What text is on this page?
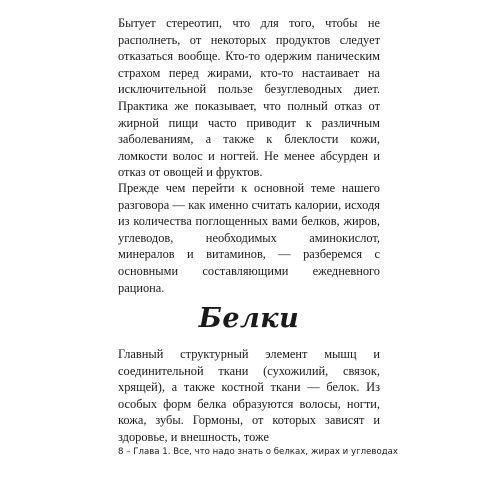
Бытует стереотип, что для того, чтобы не располнеть, от некоторых продуктов следует отказаться вообще. Кто-то одержим паническим страхом перед жирами, кто-то настаивает на исключительной пользе безуглеводных диет. Практика же показывает, что полный отказ от жирной пищи часто приводит к различным заболеваниям, а также к блеклости кожи, ломкости волос и ногтей. Не менее абсурден и отказ от овощей и фруктов.

Прежде чем перейти к основной теме нашего разговора — как именно считать калории, исходя из количества поглощенных вами белков, жиров, углеводов, необходимых аминокислот, минералов и витаминов, — разберемся с основными составляющими ежедневного рациона.

Белки

Главный структурный элемент мышц и соединительной ткани (сухожилий, связок, хрящей), а также костной ткани — белок. Из особых форм белка образуются волосы, ногти, кожа, зубы. Гормоны, от которых зависят и здоровье, и внешность, тоже

8 – Глава 1. Все, что надо знать о белках, жирах и углеводах
